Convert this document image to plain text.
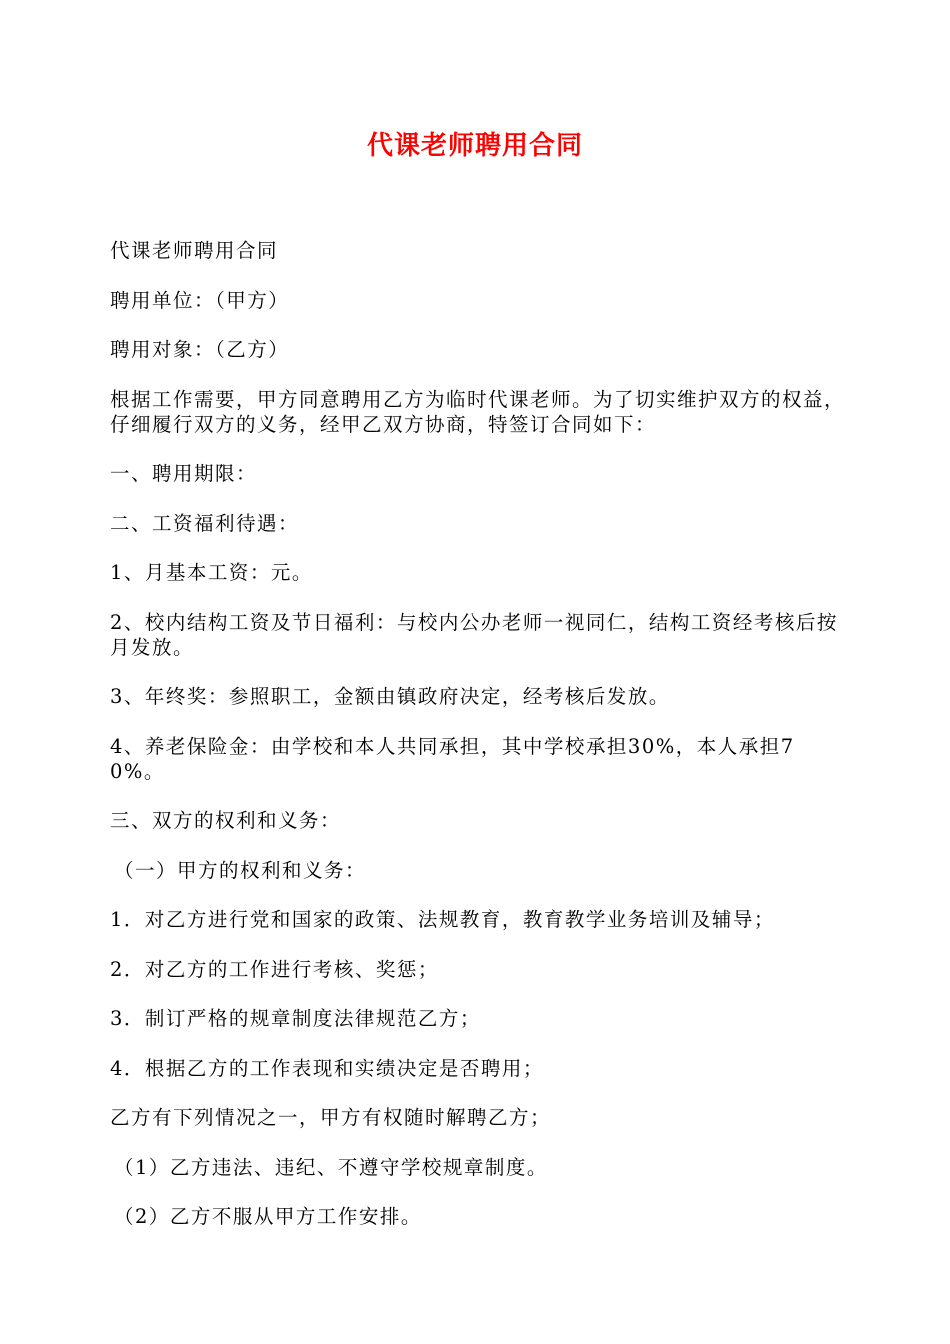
代课老师聘用合同

代课老师聘用合同

聘用单位：（甲方）

聘用对象：（乙方）

根据工作需要，甲方同意聘用乙方为临时代课老师。为了切实维护双方的权益，仔细履行双方的义务，经甲乙双方协商，特签订合同如下：

一、聘用期限：

二、工资福利待遇：

1、月基本工资：元。

2、校内结构工资及节日福利：与校内公办老师一视同仁，结构工资经考核后按月发放。

3、年终奖：参照职工，金额由镇政府决定，经考核后发放。

4、养老保险金：由学校和本人共同承担，其中学校承担30%，本人承担70%。

三、双方的权利和义务：

（一）甲方的权利和义务：

1．对乙方进行党和国家的政策、法规教育，教育教学业务培训及辅导；

2．对乙方的工作进行考核、奖惩；

3．制订严格的规章制度法律规范乙方；

4．根据乙方的工作表现和实绩决定是否聘用；

乙方有下列情况之一，甲方有权随时解聘乙方；

（1）乙方违法、违纪、不遵守学校规章制度。

（2）乙方不服从甲方工作安排。
